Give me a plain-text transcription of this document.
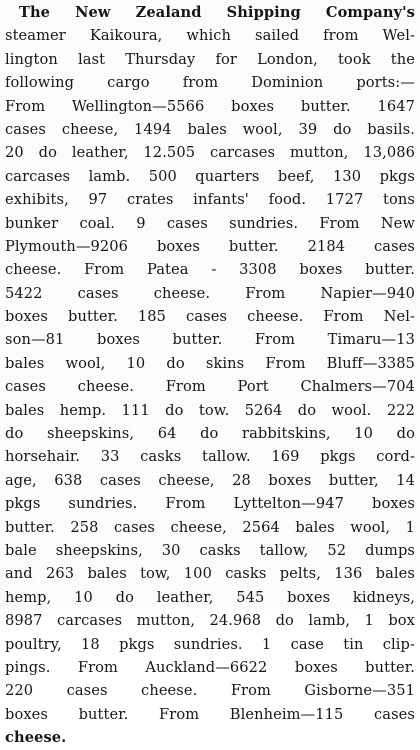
The New Zealand Shipping Company's
steamer Kaikoura, which sailed from Wel-
lington last Thursday for London, took the
following cargo from Dominion ports:—
From Wellington—5566 boxes butter. 1647
cases cheese, 1494 bales wool, 39 do basils.
20 do leather, 12.505 carcases mutton, 13,086
carcases lamb. 500 quarters beef, 130 pkgs
exhibits, 97 crates infants' food. 1727 tons
bunker coal. 9 cases sundries. From New
Plymouth—9206 boxes butter. 2184 cases
cheese. From Patea - 3308 boxes butter.
5422 cases cheese. From Napier—940
boxes butter. 185 cases cheese. From Nel-
son—81 boxes butter. From Timaru—13
bales wool, 10 do skins From Bluff—3385
cases cheese. From Port Chalmers—704
bales hemp. 111 do tow. 5264 do wool. 222
do sheepskins, 64 do rabbitskins, 10 do
horsehair. 33 casks tallow. 169 pkgs cord-
age, 638 cases cheese, 28 boxes butter, 14
pkgs sundries. From Lyttelton—947 boxes
butter. 258 cases cheese, 2564 bales wool, 1
bale sheepskins, 30 casks tallow, 52 dumps
and 263 bales tow, 100 casks pelts, 136 bales
hemp, 10 do leather, 545 boxes kidneys,
8987 carcases mutton, 24.968 do lamb, 1 box
poultry, 18 pkgs sundries. 1 case tin clip-
pings. From Auckland—6622 boxes butter.
220 cases cheese. From Gisborne—351
boxes butter. From Blenheim—115 cases
cheese.
